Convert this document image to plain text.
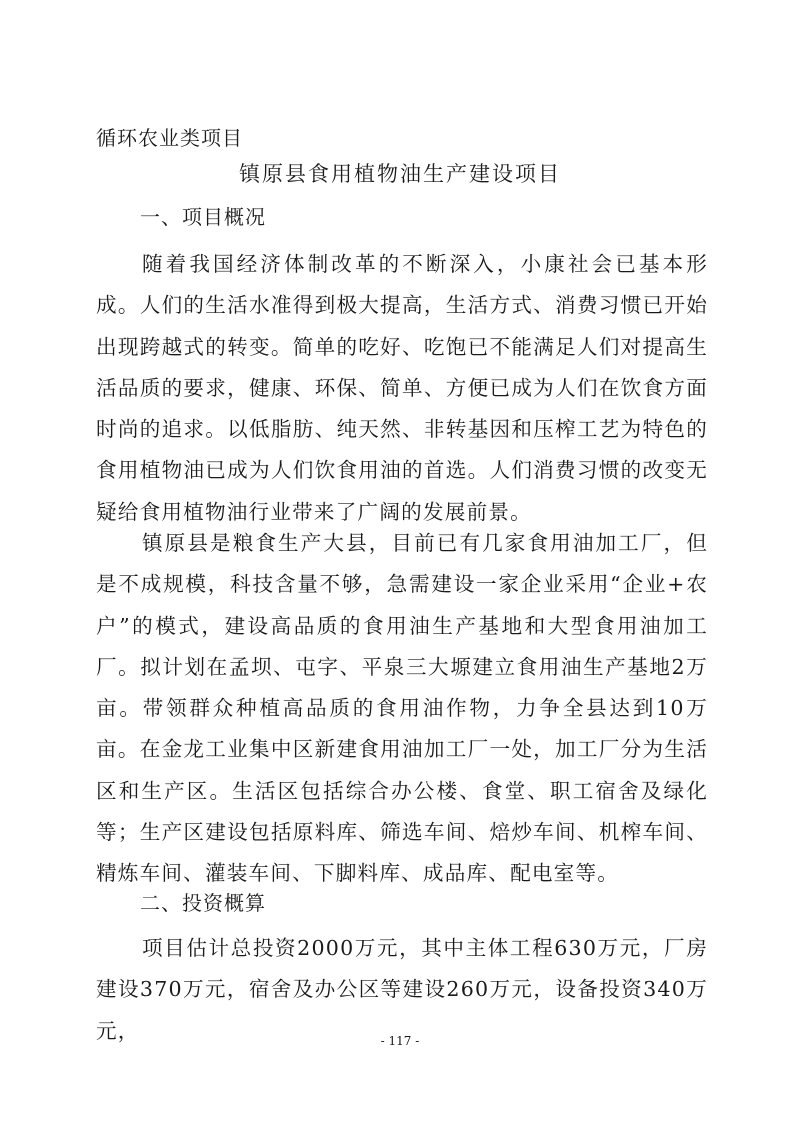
循环农业类项目
镇原县食用植物油生产建设项目
一、项目概况

随着我国经济体制改革的不断深入，小康社会已基本形成。人们的生活水准得到极大提高，生活方式、消费习惯已开始出现跨越式的转变。简单的吃好、吃饱已不能满足人们对提高生活品质的要求，健康、环保、简单、方便已成为人们在饮食方面时尚的追求。以低脂肪、纯天然、非转基因和压榨工艺为特色的食用植物油已成为人们饮食用油的首选。人们消费习惯的改变无疑给食用植物油行业带来了广阔的发展前景。

镇原县是粮食生产大县，目前已有几家食用油加工厂，但是不成规模，科技含量不够，急需建设一家企业采用“企业+农户”的模式，建设高品质的食用油生产基地和大型食用油加工厂。拟计划在孟坝、屯字、平泉三大塬建立食用油生产基地2万亩。带领群众种植高品质的食用油作物，力争全县达到10万亩。在金龙工业集中区新建食用油加工厂一处，加工厂分为生活区和生产区。生活区包括综合办公楼、食堂、职工宿舍及绿化等；生产区建设包括原料库、筛选车间、焙炒车间、机榨车间、精炼车间、灌装车间、下脚料库、成品库、配电室等。

二、投资概算

项目估计总投资2000万元，其中主体工程630万元，厂房建设370万元，宿舍及办公区等建设260万元，设备投资340万元，	- 117 -
